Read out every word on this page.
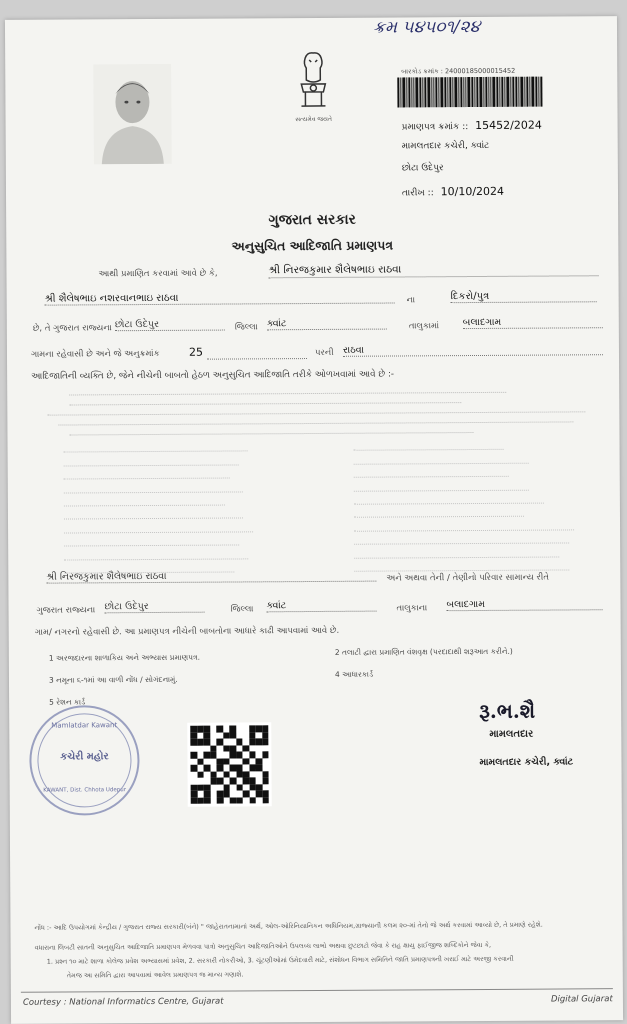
ક્રમ ૫૪૫૦૧/૨૪
સત્યમેવ જયતે
બારકોડ ક્રમાંક : 24000185000015452
પ્રમાણપત્ર ક્રમાંક :: 15452/2024
મામલતદાર કચેરી, ક્વાંટ
છોટા ઉદેપુર
તારીખ :: 10/10/2024
ગુજરાત સરકાર
અનુસુચિત આદિજાતિ પ્રમાણપત્ર
આથી પ્રમાણિત કરવામાં આવે છે કે,	શ્રી નિરજકુમાર શૈલેષભાઇ રાઠવા
શ્રી શૈલેષભાઇ નશરવાનભાઇ રાઠવા	ના	દિકરો/પુત્ર
છે, તે ગુજરાત રાજ્યના છોટા ઉદેપુર	જિલ્લા ક્વાંટ	તાલુકામાં બલાદગામ
ગામના રહેવાસી છે અને જે અનુક્રમાંક	25	પરની રાઠવા
આદિજાતિની વ્યક્તિ છે, જેને નીચેની બાબતો હેઠળ અનુસુચિત આદિજાતિ તરીકે ઓળખવામાં આવે છે :-
શ્રી નિરજકુમાર શૈલેષભાઇ રાઠવા	અને અથવા તેની / તેણીનો પરિવાર સામાન્ય રીતે
ગુજરાત રાજ્યના છોટા ઉદેપુર	જિલ્લા ક્વાંટ	તાલુકાના બલાદગામ
ગામ/ નગરનો રહેવાસી છે. આ પ્રમાણપત્ર નીચેની બાબતોના આધારે કાઢી આપવામાં આવે છે.
1 અરજદારના શાળાકિય અને અભ્યાસ પ્રમાણપત્ર.
2 તલાટી દ્વારા પ્રમાણિત વંશવૃક્ષ (પરદાદાથી શરૂઆત કરીને.)
3 નમૂના ૬-૧માં આ વાળી નોંધ / સોગંદનામું.
4 આધારકાર્ડ
5 રેશન કાર્ડ
Mamlatdar Kawant
કચેરી મહોર
KAWANT, Dist. Chhota Udepur
રૂ.ભ.શૈ
મામલતદાર
મામલતદાર કચેરી, ક્વાંટ
નોંધ :- આદિ ઉપયોગમાં કેન્દ્રીય / ગુજરાત રાજ્ય સરકારી(બંને) " જાહેરાતનામાનાં અર્થ, ઓલ-ઓરિનિયાનિકન અધિનિયમ,ગ્રાજ્યાની કલમ ૨૦-માં તેનો જે અર્થ કરવામાં આવ્યો છે, તે પ્રમાણે રહેશે.
વધારાના લિબટી સાતની અનુસુચિત આદિજાતિ પ્રમાણપત્ર મેળવવા પાત્રો અનુસુચિત આદિજાતિઓને ઉપલબ્ધ લાભો અથવા છુટછાટો જેવા કે રાહ ક્ષાયુ ફાઈજીજ શબ્દિકોને જેવા કે,
1. પ્રશ્ન ૧૦ માટે શાળા કોલેજ પ્રવેશ અભ્યાસમાં પ્રવેશ, 2. સરકારી નોકરીઓ, 3. ચૂંટણીઓમાં ઉમેદવારી માટે, સંશોધન વિભાગ સમિતિને જાતિ પ્રમાણપત્રની ખરાઈ માટે અરજી કરવાની
તેમજ આ સમિતિ દ્વારા આપવામાં આવેલ પ્રમાણપત્ર જ માન્ય ગણાશે.
Courtesy : National Informatics Centre, Gujarat	Digital Gujarat
